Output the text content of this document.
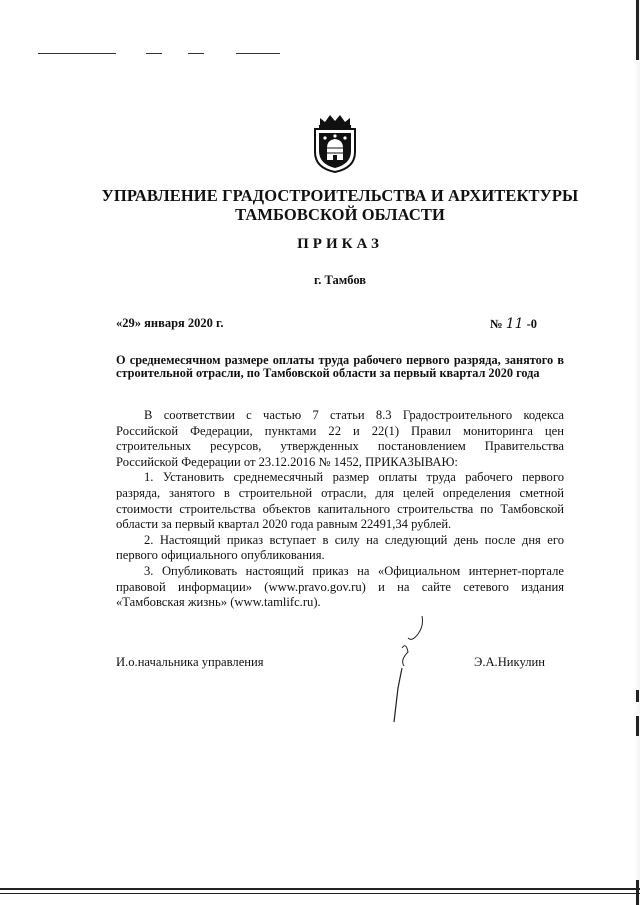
УПРАВЛЕНИЕ ГРАДОСТРОИТЕЛЬСТВА И АРХИТЕКТУРЫ
ТАМБОВСКОЙ ОБЛАСТИ
ПРИКАЗ
г. Тамбов
«29» января 2020 г.	№ 11 -0
О среднемесячном размере оплаты труда рабочего первого разряда, занятого в строительной отрасли, по Тамбовской области за первый квартал 2020 года

В соответствии с частью 7 статьи 8.3 Градостроительного кодекса Российской Федерации, пунктами 22 и 22(1) Правил мониторинга цен строительных ресурсов, утвержденных постановлением Правительства Российской Федерации от 23.12.2016 № 1452, ПРИКАЗЫВАЮ:

1. Установить среднемесячный размер оплаты труда рабочего первого разряда, занятого в строительной отрасли, для целей определения сметной стоимости строительства объектов капитального строительства по Тамбовской области за первый квартал 2020 года равным 22491,34 рублей.

2. Настоящий приказ вступает в силу на следующий день после дня его первого официального опубликования.

3. Опубликовать настоящий приказ на «Официальном интернет-портале правовой информации» (www.pravo.gov.ru) и на сайте сетевого издания «Тамбовская жизнь» (www.tamlifc.ru).

И.о.начальника управления	Э.А.Никулин
